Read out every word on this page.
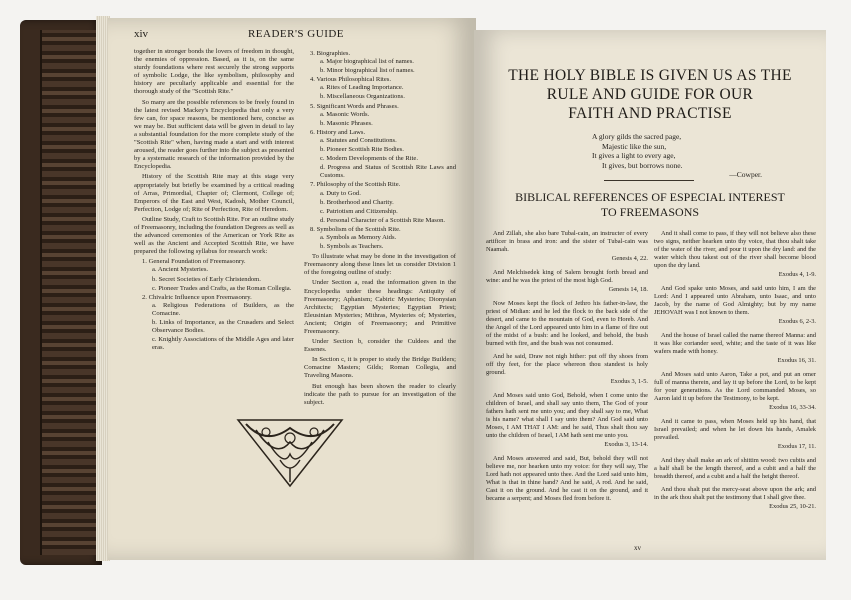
xiv	READER'S GUIDE

together in stronger bonds the lovers of freedom in thought, the enemies of oppression. Based, as it is, on the same sturdy foundations where rest securely the strong supports of symbolic Lodge, the like symbolism, philosophy and history are peculiarly applicable and essential for the thorough study of the "Scottish Rite."

So many are the possible references to be freely found in the latest revised Mackey's Encyclopedia that only a very few can, for space reasons, be mentioned here, concise as we may be. But sufficient data will be given in detail to lay a substantial foundation for the more complete study of the "Scottish Rite" when, having made a start and with interest aroused, the reader goes further into the subject as presented by a systematic research of the information provided by the Encyclopedia.

History of the Scottish Rite may at this stage very appropriately but briefly be examined by a critical reading of Arras, Primordial, Chapter of; Clermont, College of; Emperors of the East and West, Kadosh, Mother Council, Perfection, Lodge of; Rite of Perfection, Rite of Heredom.

Outline Study, Craft to Scottish Rite. For an outline study of Freemasonry, including the foundation Degrees as well as the advanced ceremonies of the American or York Rite as well as the Ancient and Accepted Scottish Rite, we have prepared the following syllabus for research work:

1. General Foundation of Freemasonry.
a. Ancient Mysteries.
b. Secret Societies of Early Christendom.
c. Pioneer Trades and Crafts, as the Roman Collegia.
2. Chivalric Influence upon Freemasonry.
a. Religious Federations of Builders, as the Comacine.
b. Links of Importance, as the Crusaders and Select Observance Bodies.
c. Knightly Associations of the Middle Ages and later eras.
3. Biographies.
a. Major biographical list of names.
b. Minor biographical list of names.
4. Various Philosophical Rites.
a. Rites of Leading Importance.
b. Miscellaneous Organizations.
5. Significant Words and Phrases.
a. Masonic Words.
b. Masonic Phrases.
6. History and Laws.
a. Statutes and Constitutions.
b. Pioneer Scottish Rite Bodies.
c. Modern Developments of the Rite.
d. Progress and Status of Scottish Rite Laws and Customs.
7. Philosophy of the Scottish Rite.
a. Duty to God.
b. Brotherhood and Charity.
c. Patriotism and Citizenship.
d. Personal Character of a Scottish Rite Mason.
8. Symbolism of the Scottish Rite.
a. Symbols as Memory Aids.
b. Symbols as Teachers.

To illustrate what may be done in the investigation of Freemasonry along these lines let us consider Division 1 of the foregoing outline of study:

Under Section a, read the information given in the Encyclopedia under these headings: Antiquity of Freemasonry; Aphanism; Cabiric Mysteries; Dionysian Architects; Egyptian Mysteries; Egyptian Priest; Eleusinian Mysteries; Mithras, Mysteries of; Mysteries, Ancient; Origin of Freemasonry; and Primitive Freemasonry.

Under Section b, consider the Culdees and the Essenes.

In Section c, it is proper to study the Bridge Builders; Comacine Masters; Gilds; Roman Collegia, and Traveling Masons.

But enough has been shown the reader to clearly indicate the path to pursue for an investigation of the subject.

THE HOLY BIBLE IS GIVEN US AS THE
RULE AND GUIDE FOR OUR
FAITH AND PRACTISE
A glory gilds the sacred page,
Majestic like the sun,
It gives a light to every age,
It gives, but borrows none.
—Cowper.
BIBLICAL REFERENCES OF ESPECIAL INTEREST
TO FREEMASONS

And Zillah, she also bare Tubal-cain, an instructer of every artificer in brass and iron: and the sister of Tubal-cain was Naamah.

Genesis 4, 22.

And Melchisedek king of Salem brought forth bread and wine: and he was the priest of the most high God.

Genesis 14, 18.

Now Moses kept the flock of Jethro his father-in-law, the priest of Midian: and he led the flock to the back side of the desert, and came to the mountain of God, even to Horeb. And the Angel of the Lord appeared unto him in a flame of fire out of the midst of a bush: and he looked, and behold, the bush burned with fire, and the bush was not consumed.

And he said, Draw not nigh hither: put off thy shoes from off thy feet, for the place whereon thou standest is holy ground.

Exodus 3, 1-5.

And Moses said unto God, Behold, when I come unto the children of Israel, and shall say unto them, The God of your fathers hath sent me unto you; and they shall say to me, What is his name? what shall I say unto them? And God said unto Moses, I AM THAT I AM: and he said, Thus shalt thou say unto the children of Israel, I AM hath sent me unto you.

Exodus 3, 13-14.

And Moses answered and said, But, behold they will not believe me, nor hearken unto my voice: for they will say, The Lord hath not appeared unto thee. And the Lord said unto him, What is that in thine hand? And he said, A rod. And he said, Cast it on the ground. And he cast it on the ground, and it became a serpent; and Moses fled from before it.

And it shall come to pass, if they will not believe also these two signs, neither hearken unto thy voice, that thou shalt take of the water of the river, and pour it upon the dry land: and the water which thou takest out of the river shall become blood upon the dry land.

Exodus 4, 1-9.

And God spake unto Moses, and said unto him, I am the Lord: And I appeared unto Abraham, unto Isaac, and unto Jacob, by the name of God Almighty; but by my name JEHOVAH was I not known to them.

Exodus 6, 2-3.

And the house of Israel called the name thereof Manna: and it was like coriander seed, white; and the taste of it was like wafers made with honey.

Exodus 16, 31.

And Moses said unto Aaron, Take a pot, and put an omer full of manna therein, and lay it up before the Lord, to be kept for your generations. As the Lord commanded Moses, so Aaron laid it up before the Testimony, to be kept.

Exodus 16, 33-34.

And it came to pass, when Moses held up his hand, that Israel prevailed; and when he let down his hands, Amalek prevailed.

Exodus 17, 11.

And they shall make an ark of shittim wood: two cubits and a half shall be the length thereof, and a cubit and a half the breadth thereof, and a cubit and a half the height thereof.

And thou shalt put the mercy-seat above upon the ark; and in the ark thou shalt put the testimony that I shall give thee.

Exodus 25, 10-21.

xv
